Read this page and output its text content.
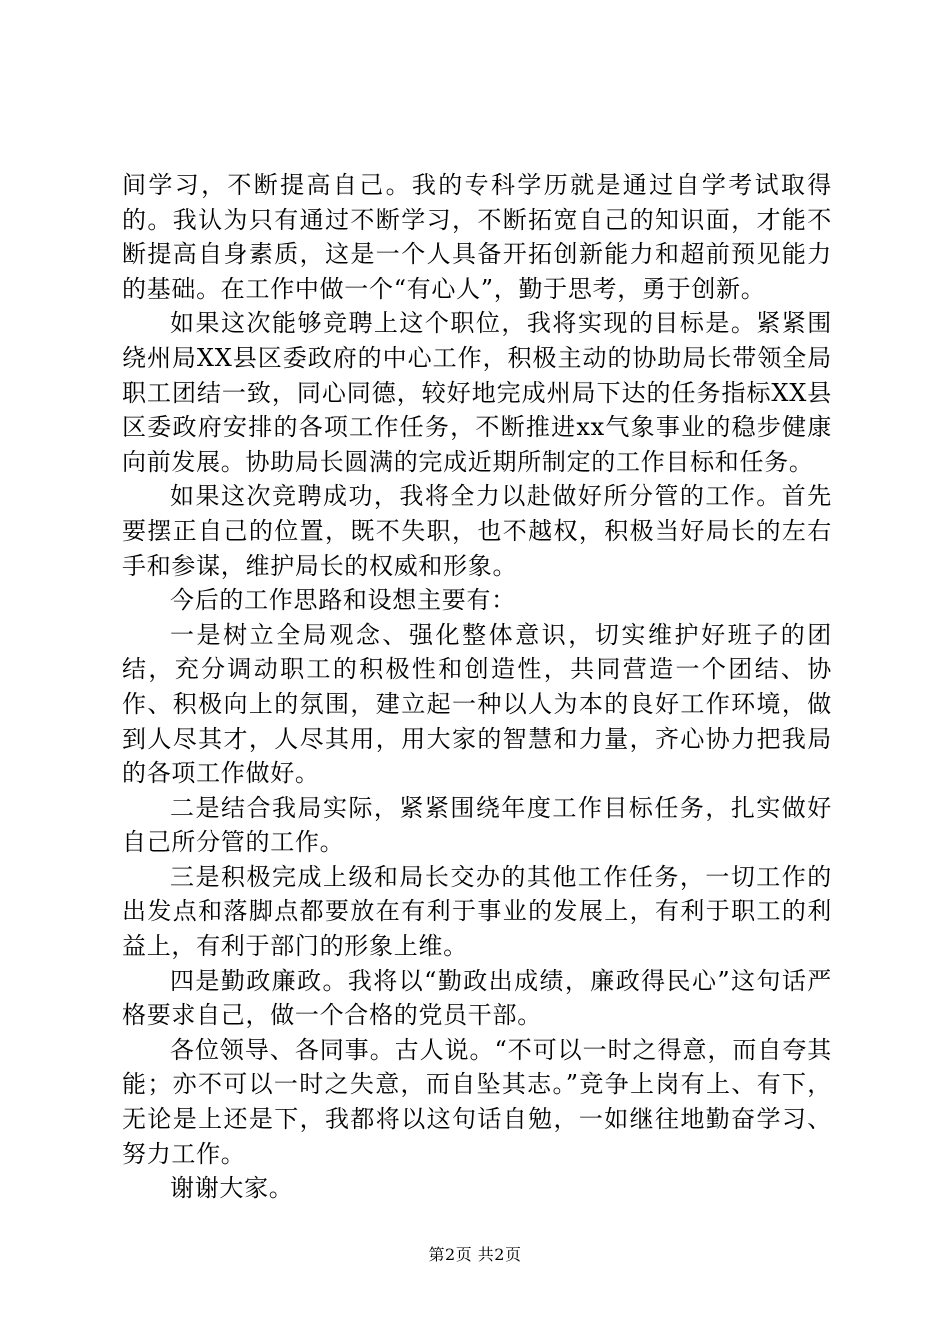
间学习，不断提高自己。我的专科学历就是通过自学考试取得的。我认为只有通过不断学习，不断拓宽自己的知识面，才能不断提高自身素质，这是一个人具备开拓创新能力和超前预见能力的基础。在工作中做一个“有心人”，勤于思考，勇于创新。

如果这次能够竞聘上这个职位，我将实现的目标是。紧紧围绕州局XX县区委政府的中心工作，积极主动的协助局长带领全局职工团结一致，同心同德，较好地完成州局下达的任务指标XX县区委政府安排的各项工作任务，不断推进xx气象事业的稳步健康向前发展。协助局长圆满的完成近期所制定的工作目标和任务。

如果这次竞聘成功，我将全力以赴做好所分管的工作。首先要摆正自己的位置，既不失职，也不越权，积极当好局长的左右手和参谋，维护局长的权威和形象。

今后的工作思路和设想主要有：

一是树立全局观念、强化整体意识，切实维护好班子的团结，充分调动职工的积极性和创造性，共同营造一个团结、协作、积极向上的氛围，建立起一种以人为本的良好工作环境，做到人尽其才，人尽其用，用大家的智慧和力量，齐心协力把我局的各项工作做好。

二是结合我局实际，紧紧围绕年度工作目标任务，扎实做好自己所分管的工作。

三是积极完成上级和局长交办的其他工作任务，一切工作的出发点和落脚点都要放在有利于事业的发展上，有利于职工的利益上，有利于部门的形象上维。

四是勤政廉政。我将以“勤政出成绩，廉政得民心”这句话严格要求自己，做一个合格的党员干部。

各位领导、各同事。古人说。“不可以一时之得意，而自夸其能；亦不可以一时之失意，而自坠其志。”竞争上岗有上、有下，无论是上还是下，我都将以这句话自勉，一如继往地勤奋学习、努力工作。

谢谢大家。

第2页 共2页
